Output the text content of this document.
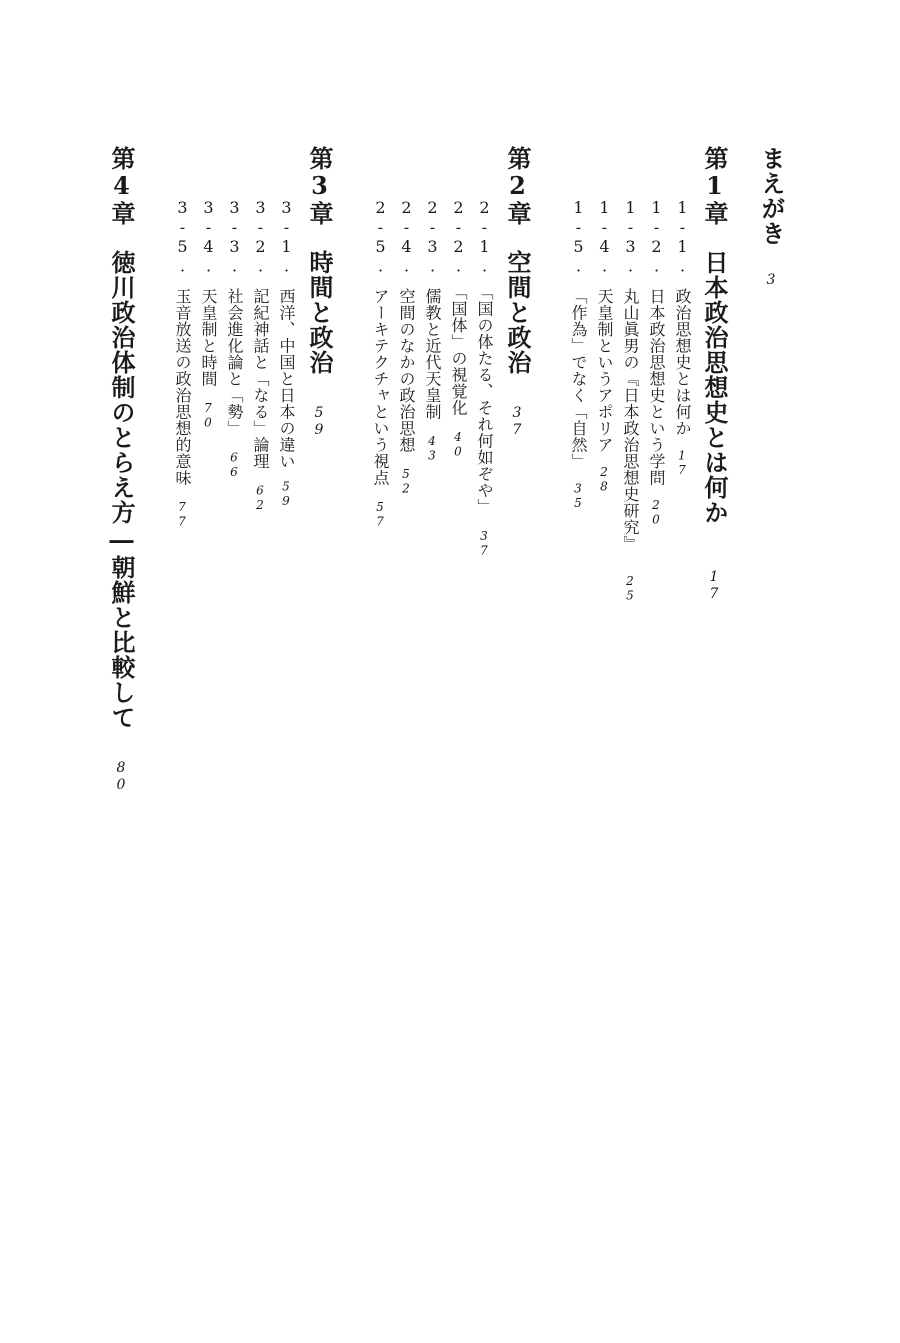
まえがき3
第1章日本政治思想史とは何か17
1-1.政治思想史とは何か17
1-2.日本政治思想史という学問20
1-3.丸山眞男の『日本政治思想史研究』25
1-4.天皇制というアポリア28
1-5.「作為」でなく「自然」35
第2章空間と政治37
2-1.「国の体たる、それ何如ぞや」37
2-2.「国体」の視覚化40
2-3.儒教と近代天皇制43
2-4.空間のなかの政治思想52
2-5.アーキテクチャという視点57
第3章時間と政治59
3-1.西洋、中国と日本の違い59
3-2.記紀神話と「なる」論理62
3-3.社会進化論と「勢」66
3-4.天皇制と時間70
3-5.玉音放送の政治思想的意味77
第4章徳川政治体制のとらえ方―朝鮮と比較して80
